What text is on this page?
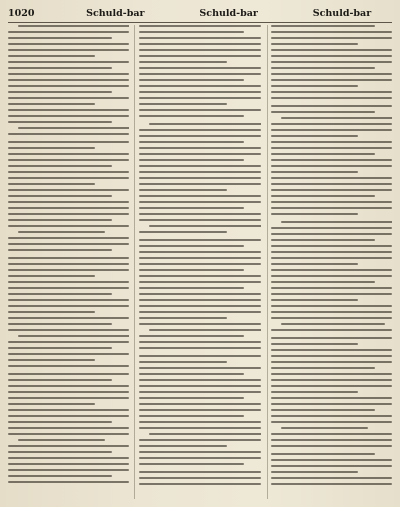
1020	Schuld-bar	Schuld-bar	Schuld-bar
